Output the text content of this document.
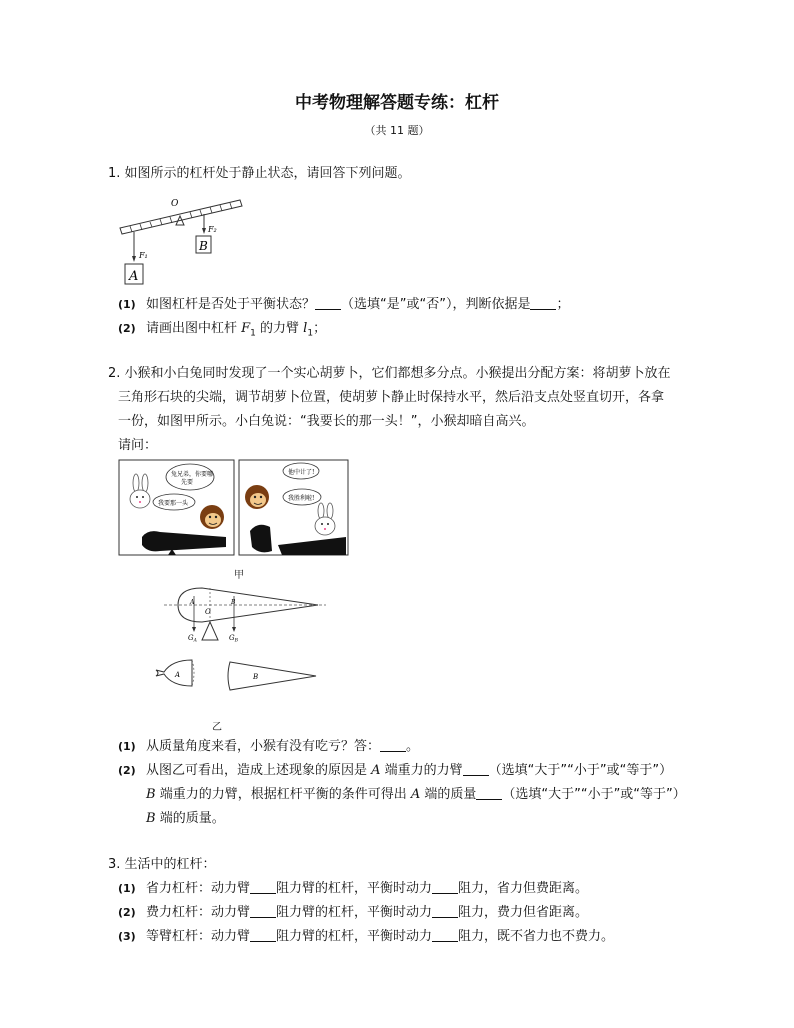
中考物理解答题专练：杠杆
（共 11 题）
1. 如图所示的杠杆处于静止状态，请回答下列问题。
O
F₁
A
F₂
B
(1) 如图杠杆是否处于平衡状态？ （选填“是”或“否”），判断依据是 ；
(2) 请画出图中杠杆 $F_1$ 的力臂 $l_1$；
2. 小猴和小白兔同时发现了一个实心胡萝卜，它们都想多分点。小猴提出分配方案：将胡萝卜放在
三角形石块的尖端，调节胡萝卜位置，使胡萝卜静止时保持水平，然后沿支点处竖直切开，各拿
一份，如图甲所示。小白兔说：“我要长的那一头！”，小猴却暗自高兴。
请问：
兔兄弟，你要哪
先要
我要那一头
他中计了!
我胜利啦!
甲
A	B
O
$G_A$	$G_B$
A	B
乙
(1) 从质量角度来看，小猴有没有吃亏？答： 。
(2) 从图乙可看出，造成上述现象的原因是 A 端重力的力臂 （选填“大于”“小于”或“等于”）
B 端重力的力臂，根据杠杆平衡的条件可得出 A 端的质量 （选填“大于”“小于”或“等于”）
B 端的质量。
3. 生活中的杠杆：
(1) 省力杠杆：动力臂 阻力臂的杠杆，平衡时动力 阻力，省力但费距离。
(2) 费力杠杆：动力臂 阻力臂的杠杆，平衡时动力 阻力，费力但省距离。
(3) 等臂杠杆：动力臂 阻力臂的杠杆，平衡时动力 阻力，既不省力也不费力。
